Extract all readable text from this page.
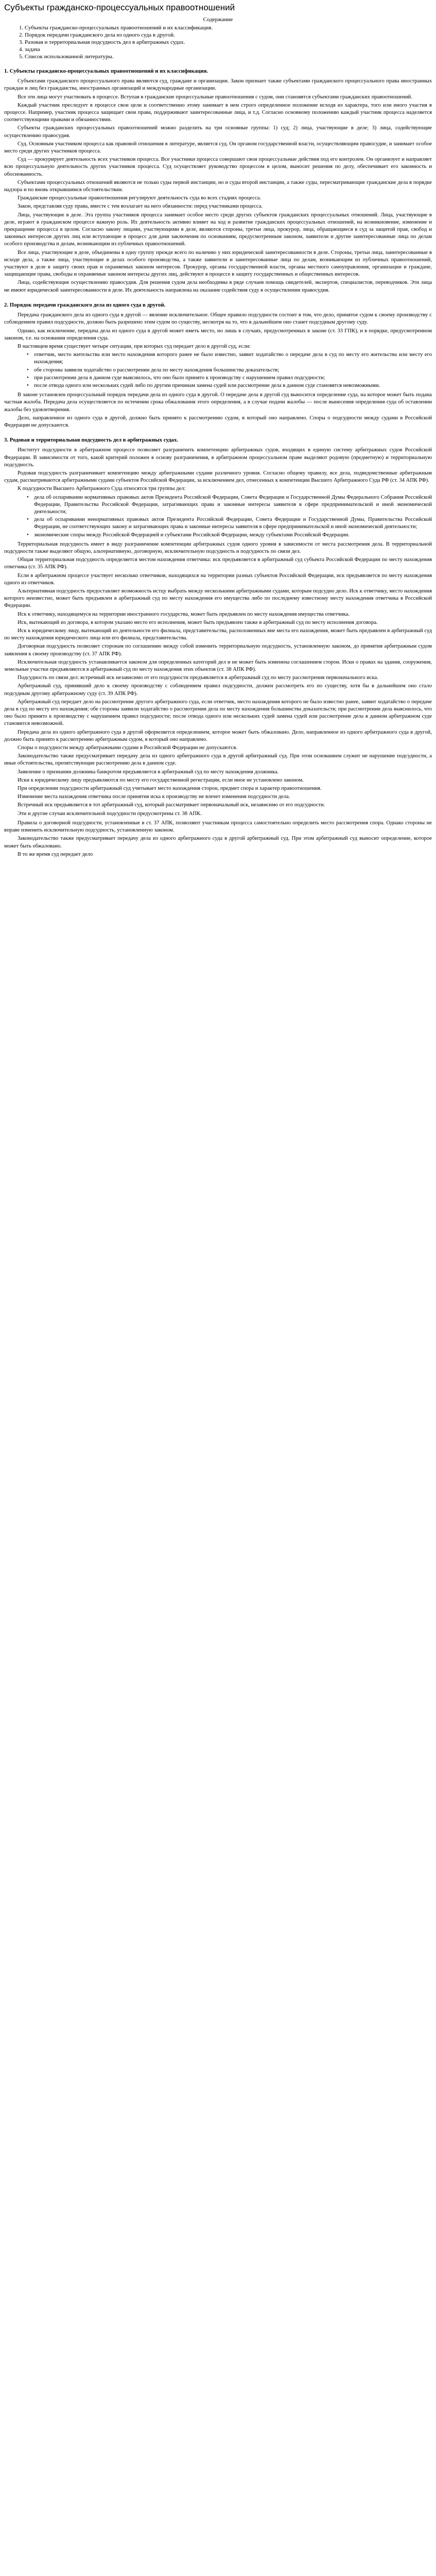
Субъекты гражданско-процессуальных правоотношений
Содержание
1. Субъекты гражданско-процессуальных правоотношений и их классификация.
2. Порядок передачи гражданского дела из одного суда в другой.
3. Разовая и территориальная подсудность дел в арбитражных судах.
4. задача
5. Список использованной литературы.
1. Субъекты гражданско-процессуальных правоотношений и их классификация.

Субъектами гражданского процессуального права являются суд, граждане и организации. Закон признает также субъектами гражданского процессуального права иностранных граждан и лиц без гражданства, иностранных организаций и международные организации.

Все эти лица могут участвовать в процессе. Вступая в гражданские процессуальные правоотношения с судом, они становятся субъектами гражданских правоотношений.

Каждый участник преследует в процессе свои цели и соответственно этому занимает в нем строго определенное положение исходя из характера, того или иного участия в процессе. Например, участник процесса защищает свои права, поддерживают заинтересованные лица, и т.д. Согласно основному положению каждый участник процесса наделяется соответствующими правами и обязанностями.

Субъекты гражданских процессуальных правоотношений можно разделить на три основные группы: 1) суд; 2) лица, участвующие в деле; 3) лица, содействующие осуществлению правосудия.

Суд. Основным участником процесса как правовой отношения в литературе, является суд. Он органом государственной власти, осуществляющим правосудие, и занимает особое место среди других участников процесса.

Суд — прокурирует деятельность всех участников процесса. Все участники процесса совершают свои процессуальные действия под его контролем. Он организует и направляет всю процессуальную деятельность других участников процесса. Суд осуществляет руководство процессом в целом, выносит решения по делу, обеспечивает его законность и обоснованность.

Субъектами процессуальных отношений являются не только суды первой инстанции, но и суды второй инстанции, а также суды, пересматривающие гражданские дела в порядке надзора и по вновь открывшимся обстоятельствам.

Гражданские процессуальные правоотношения регулируют деятельность суда во всех стадиях процесса.

Закон, представляя суду права, вместе с тем возлагает на него обязанности: перед участниками процесса.

Лица, участвующие в деле. Эта группа участников процесса занимает особое место среди других субъектов гражданских процессуальных отношений. Лица, участвующие в деле, играют в гражданском процессе важную роль. Их деятельность активно влияет на ход и развитие гражданских процессуальных отношений, на возникновение, изменение и прекращение процесса в целом. Согласно закону лицами, участвующими в деле, являются стороны, третьи лица, прокурор, лица, обращающиеся в суд за защитой прав, свобод и законных интересов других лиц или вступающие в процесс для дачи заключения по основаниям, предусмотренным законом, заявители и другие заинтересованные лица по делам особого производства и делам, возникающим из публичных правоотношений.

Все лица, участвующие в деле, объединены в одну группу прежде всего по наличию у них юридической заинтересованности в деле. Стороны, третьи лица, заинтересованные в исходе дела, а также лица, участвующие в делах особого производства, а также заявители и заинтересованные лица по делам, возникающим из публичных правоотношений, участвуют в деле в защиту своих прав и охраняемых законом интересов. Прокурор, органы государственной власти, органы местного самоуправления, организации и граждане, защищающие права, свободы и охраняемые законом интересы других лиц, действуют в процессе в защиту государственных и общественных интересов.

Лица, содействующие осуществлению правосудия. Для решения судом дела необходимы в ряде случаев помощь свидетелей, экспертов, специалистов, переводчиков. Эти лица не имеют юридической заинтересованности в деле. Их деятельность направлена на оказание содействия суду в осуществлении правосудия.

2. Порядок передачи гражданского дела из одного суда в другой.

Передача гражданского дела из одного суда в другой — явление исключительное. Общее правило подсудности состоит в том, что дело, принятое судом к своему производству с соблюдением правил подсудности, должно быть разрешено этим судом по существу, несмотря на то, что в дальнейшем оно станет подсудным другому суду.

Однако, как исключение, передача дела из одного суда в другой может иметь место, но лишь в случаях, предусмотренных в законе (ст. 33 ГПК), и в порядке, предусмотренном законом, т.е. на основании определения суда.

В настоящем время существует четыре ситуации, при которых суд передает дело в другой суд, если:

• ответчик, место жительства или место нахождения которого ранее не было известно, заявит ходатайство о передаче дела в суд по месту его жительства или месту его нахождения;
• обе стороны заявили ходатайство о рассмотрении дела по месту нахождения большинства доказательств;
• при рассмотрении дела в данном суде выяснилось, что оно было принято к производству с нарушением правил подсудности;
• после отвода одного или нескольких судей либо по другим причинам замена судей или рассмотрение дела в данном суде становятся невозможными.

В законе установлен процессуальный порядок передачи дела из одного суда в другой. О передаче дела в другой суд выносится определение суда, на которое может быть подана частная жалоба. Передача дела осуществляется по истечении срока обжалования этого определения, а в случае подачи жалобы — после вынесения определения суда об оставлении жалобы без удовлетворения.

Дело, направленное из одного суда в другой, должно быть принято к рассмотрению судом, в который оно направлено. Споры о подсудности между судами в Российской Федерации не допускаются.

3. Родовая и территориальная подсудность дел в арбитражных судах.

Институт подсудности в арбитражном процессе позволяет разграничить компетенцию арбитражных судов, входящих в единую систему арбитражных судов Российской Федерации. В зависимости от того, какой критерий положен в основу разграничения, в арбитражном процессуальном праве выделяют родовую (предметную) и территориальную подсудность.

Родовая подсудность разграничивает компетенцию между арбитражными судами различного уровня. Согласно общему правилу, все дела, подведомственные арбитражным судам, рассматриваются арбитражными судами субъектов Российской Федерации, за исключением дел, отнесенных к компетенции Высшего Арбитражного Суда РФ (ст. 34 АПК РФ).

К подсудности Высшего Арбитражного Суда относятся три группы дел:

• дела об оспаривании нормативных правовых актов Президента Российской Федерации, Совета Федерации и Государственной Думы Федерального Собрания Российской Федерации, Правительства Российской Федерации, затрагивающих права и законные интересы заявителя в сфере предпринимательской и иной экономической деятельности;
• дела об оспаривании ненормативных правовых актов Президента Российской Федерации, Совета Федерации и Государственной Думы, Правительства Российской Федерации, не соответствующих закону и затрагивающих права и законные интересы заявителя в сфере предпринимательской и иной экономической деятельности;
• экономические споры между Российской Федерацией и субъектами Российской Федерации, между субъектами Российской Федерации.

Территориальная подсудность имеет в виду разграничение компетенции арбитражных судов одного уровня в зависимости от места рассмотрения дела. В территориальной подсудности также выделяют общую, альтернативную, договорную, исключительную подсудность и подсудность по связи дел.

Общая территориальная подсудность определяется местом нахождения ответчика: иск предъявляется в арбитражный суд субъекта Российской Федерации по месту нахождения ответчика (ст. 35 АПК РФ).

Если в арбитражном процессе участвует несколько ответчиков, находящихся на территории разных субъектов Российской Федерации, иск предъявляется по месту нахождения одного из ответчиков.

Альтернативная подсудность предоставляет возможность истцу выбрать между несколькими арбитражными судами, которым подсудно дело. Иск к ответчику, место нахождения которого неизвестно, может быть предъявлен в арбитражный суд по месту нахождения его имущества либо по последнему известному месту нахождения ответчика в Российской Федерации.

Иск к ответчику, находящемуся на территории иностранного государства, может быть предъявлен по месту нахождения имущества ответчика.

Иск, вытекающий из договора, в котором указано место его исполнения, может быть предъявлен также в арбитражный суд по месту исполнения договора.

Иск к юридическому лицу, вытекающий из деятельности его филиала, представительства, расположенных вне места его нахождения, может быть предъявлен в арбитражный суд по месту нахождения юридического лица или его филиала, представительства.

Договорная подсудность позволяет сторонам по соглашению между собой изменить территориальную подсудность, установленную законом, до принятия арбитражным судом заявления к своему производству (ст. 37 АПК РФ).

Исключительная подсудность устанавливается законом для определенных категорий дел и не может быть изменена соглашением сторон. Иски о правах на здания, сооружения, земельные участки предъявляются в арбитражный суд по месту нахождения этих объектов (ст. 38 АПК РФ).

Подсудность по связи дел: встречный иск независимо от его подсудности предъявляется в арбитражный суд по месту рассмотрения первоначального иска.

Арбитражный суд, принявший дело к своему производству с соблюдением правил подсудности, должен рассмотреть его по существу, хотя бы в дальнейшем оно стало подсудным другому арбитражному суду (ст. 39 АПК РФ).

Арбитражный суд передает дело на рассмотрение другого арбитражного суда, если ответчик, место нахождения которого не было известно ранее, заявит ходатайство о передаче дела в суд по месту его нахождения; обе стороны заявили ходатайство о рассмотрении дела по месту нахождения большинства доказательств; при рассмотрении дела выяснилось, что оно было принято к производству с нарушением правил подсудности; после отвода одного или нескольких судей замена судей или рассмотрение дела в данном арбитражном суде становится невозможной.

Передача дела из одного арбитражного суда в другой оформляется определением, которое может быть обжаловано. Дело, направленное из одного арбитражного суда в другой, должно быть принято к рассмотрению арбитражным судом, в который оно направлено.

Споры о подсудности между арбитражными судами в Российской Федерации не допускаются.

Законодательство также предусматривает передачу дела из одного арбитражного суда в другой арбитражный суд. При этом основанием служит не нарушение подсудности, а иные обстоятельства, препятствующие рассмотрению дела в данном суде.

Заявление о признании должника банкротом предъявляется в арбитражный суд по месту нахождения должника.

Иски к юридическому лицу предъявляются по месту его государственной регистрации, если иное не установлено законом.

При определении подсудности арбитражный суд учитывает место нахождения сторон, предмет спора и характер правоотношения.

Изменение места нахождения ответчика после принятия иска к производству не влечет изменения подсудности дела.

Встречный иск предъявляется в тот арбитражный суд, который рассматривает первоначальный иск, независимо от его подсудности.

Эти и другие случаи исключительной подсудности предусмотрены ст. 38 АПК.

Правила о договорной подсудности, установленные в ст. 37 АПК, позволяют участникам процесса самостоятельно определить место рассмотрения спора. Однако стороны не вправе изменить исключительную подсудность, установленную законом.

Законодательство также предусматривает передачу дела из одного арбитражного суда в другой арбитражный суд. При этом арбитражный суд выносит определение, которое может быть обжаловано.

В то же время суд передает дело
